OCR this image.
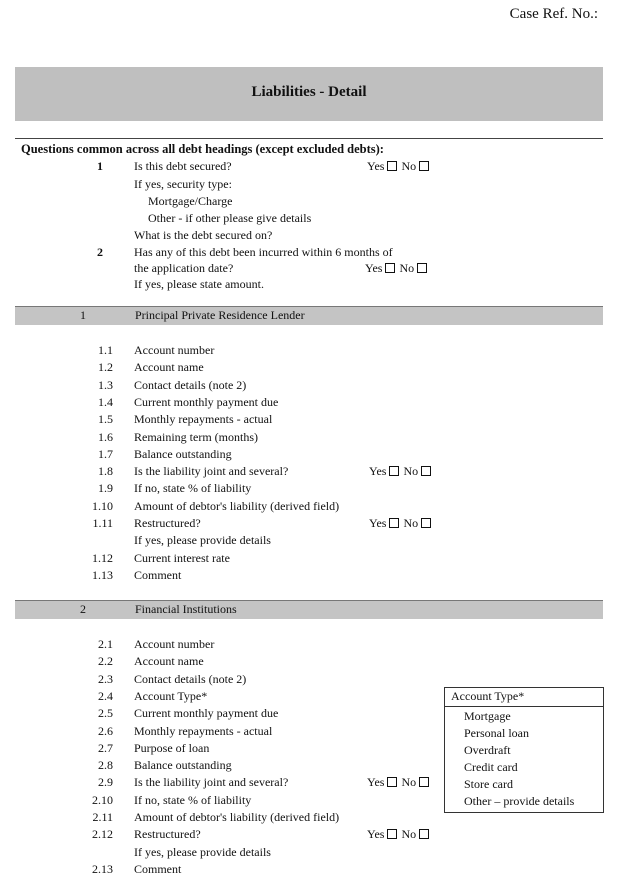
Case Ref. No.:
Liabilities - Detail
Questions common across all debt headings (except excluded debts):
1	Is this debt secured?	Yes No
If yes, security type:
Mortgage/Charge
Other - if other please give details
What is the debt secured on?
2	Has any of this debt been incurred within 6 months of
the application date?	Yes No
If yes, please state amount.
1	Principal Private Residence Lender
1.1 Account number
1.2 Account name
1.3 Contact details (note 2)
1.4 Current monthly payment due
1.5 Monthly repayments - actual
1.6 Remaining term (months)
1.7 Balance outstanding
1.8 Is the liability joint and several?	Yes No
1.9 If no, state % of liability
1.10 Amount of debtor's liability (derived field)
1.11 Restructured?	Yes No
If yes, please provide details
1.12 Current interest rate
1.13 Comment
2	Financial Institutions
2.1 Account number
2.2 Account name
2.3 Contact details (note 2)
2.4 Account Type*
2.5 Current monthly payment due
2.6 Monthly repayments - actual
2.7 Purpose of loan
2.8 Balance outstanding
2.9 Is the liability joint and several?	Yes No
2.10 If no, state % of liability
2.11 Amount of debtor's liability (derived field)
2.12 Restructured?	Yes No
If yes, please provide details
2.13 Comment
Account Type*
Mortgage
Personal loan
Overdraft
Credit card
Store card
Other – provide details
